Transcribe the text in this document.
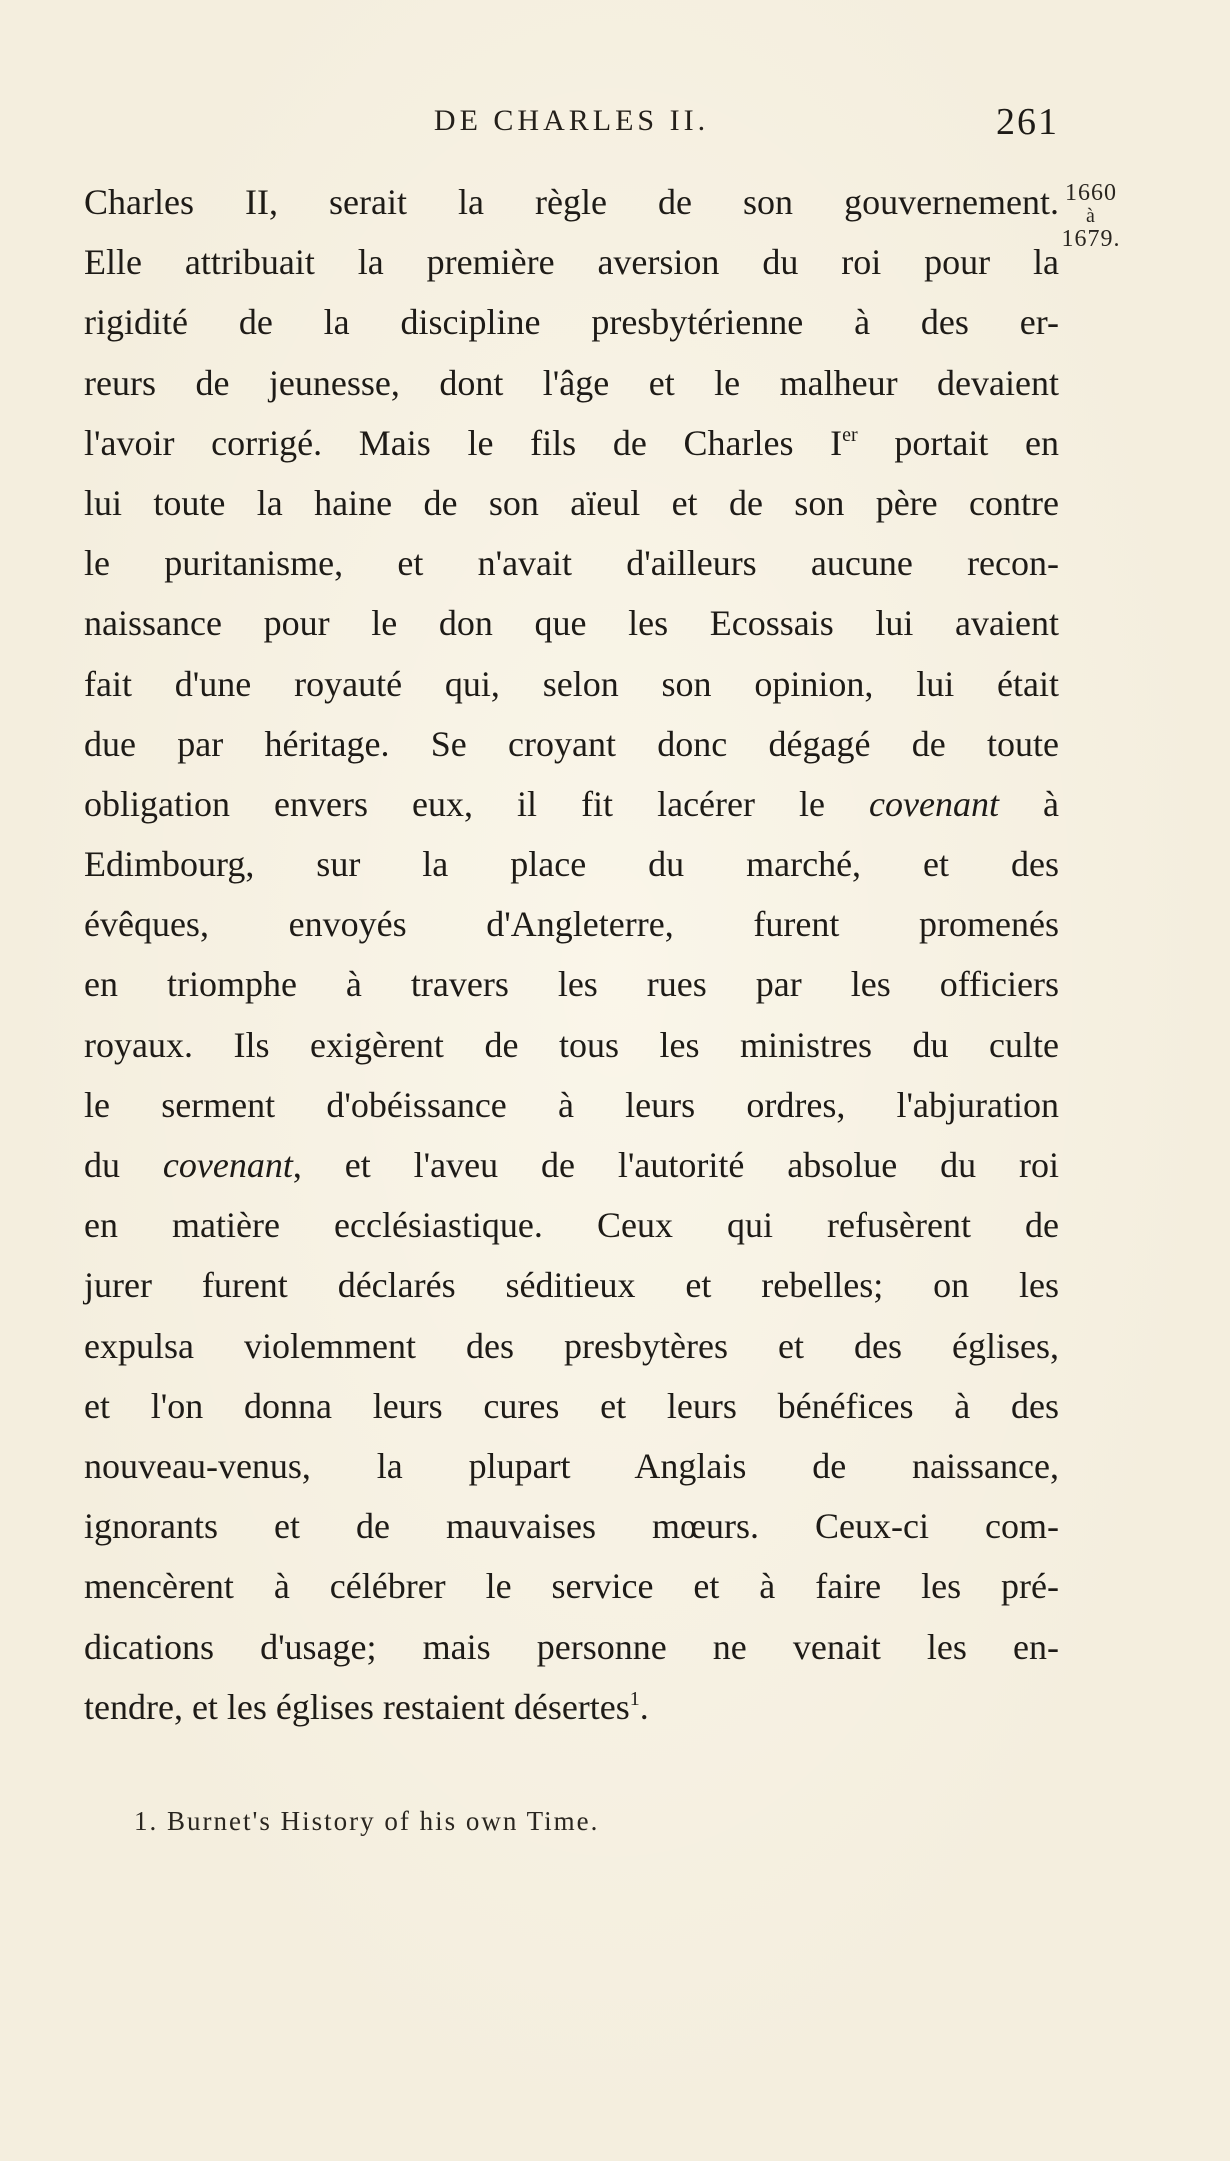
DE CHARLES II.	261
1660
à
1679.
Charles II, serait la règle de son gouvernement.
Elle attribuait la première aversion du roi pour la
rigidité de la discipline presbytérienne à des er-
reurs de jeunesse, dont l'âge et le malheur devaient
l'avoir corrigé. Mais le fils de Charles Ier portait en
lui toute la haine de son aïeul et de son père contre
le puritanisme, et n'avait d'ailleurs aucune recon-
naissance pour le don que les Ecossais lui avaient
fait d'une royauté qui, selon son opinion, lui était
due par héritage. Se croyant donc dégagé de toute
obligation envers eux, il fit lacérer le covenant à
Edimbourg, sur la place du marché, et des
évêques, envoyés d'Angleterre, furent promenés
en triomphe à travers les rues par les officiers
royaux. Ils exigèrent de tous les ministres du culte
le serment d'obéissance à leurs ordres, l'abjuration
du covenant, et l'aveu de l'autorité absolue du roi
en matière ecclésiastique. Ceux qui refusèrent de
jurer furent déclarés séditieux et rebelles; on les
expulsa violemment des presbytères et des églises,
et l'on donna leurs cures et leurs bénéfices à des
nouveau-venus, la plupart Anglais de naissance,
ignorants et de mauvaises mœurs. Ceux-ci com-
mencèrent à célébrer le service et à faire les pré-
dications d'usage; mais personne ne venait les en-
tendre, et les églises restaient désertes$^1$.
1. Burnet's History of his own Time.
